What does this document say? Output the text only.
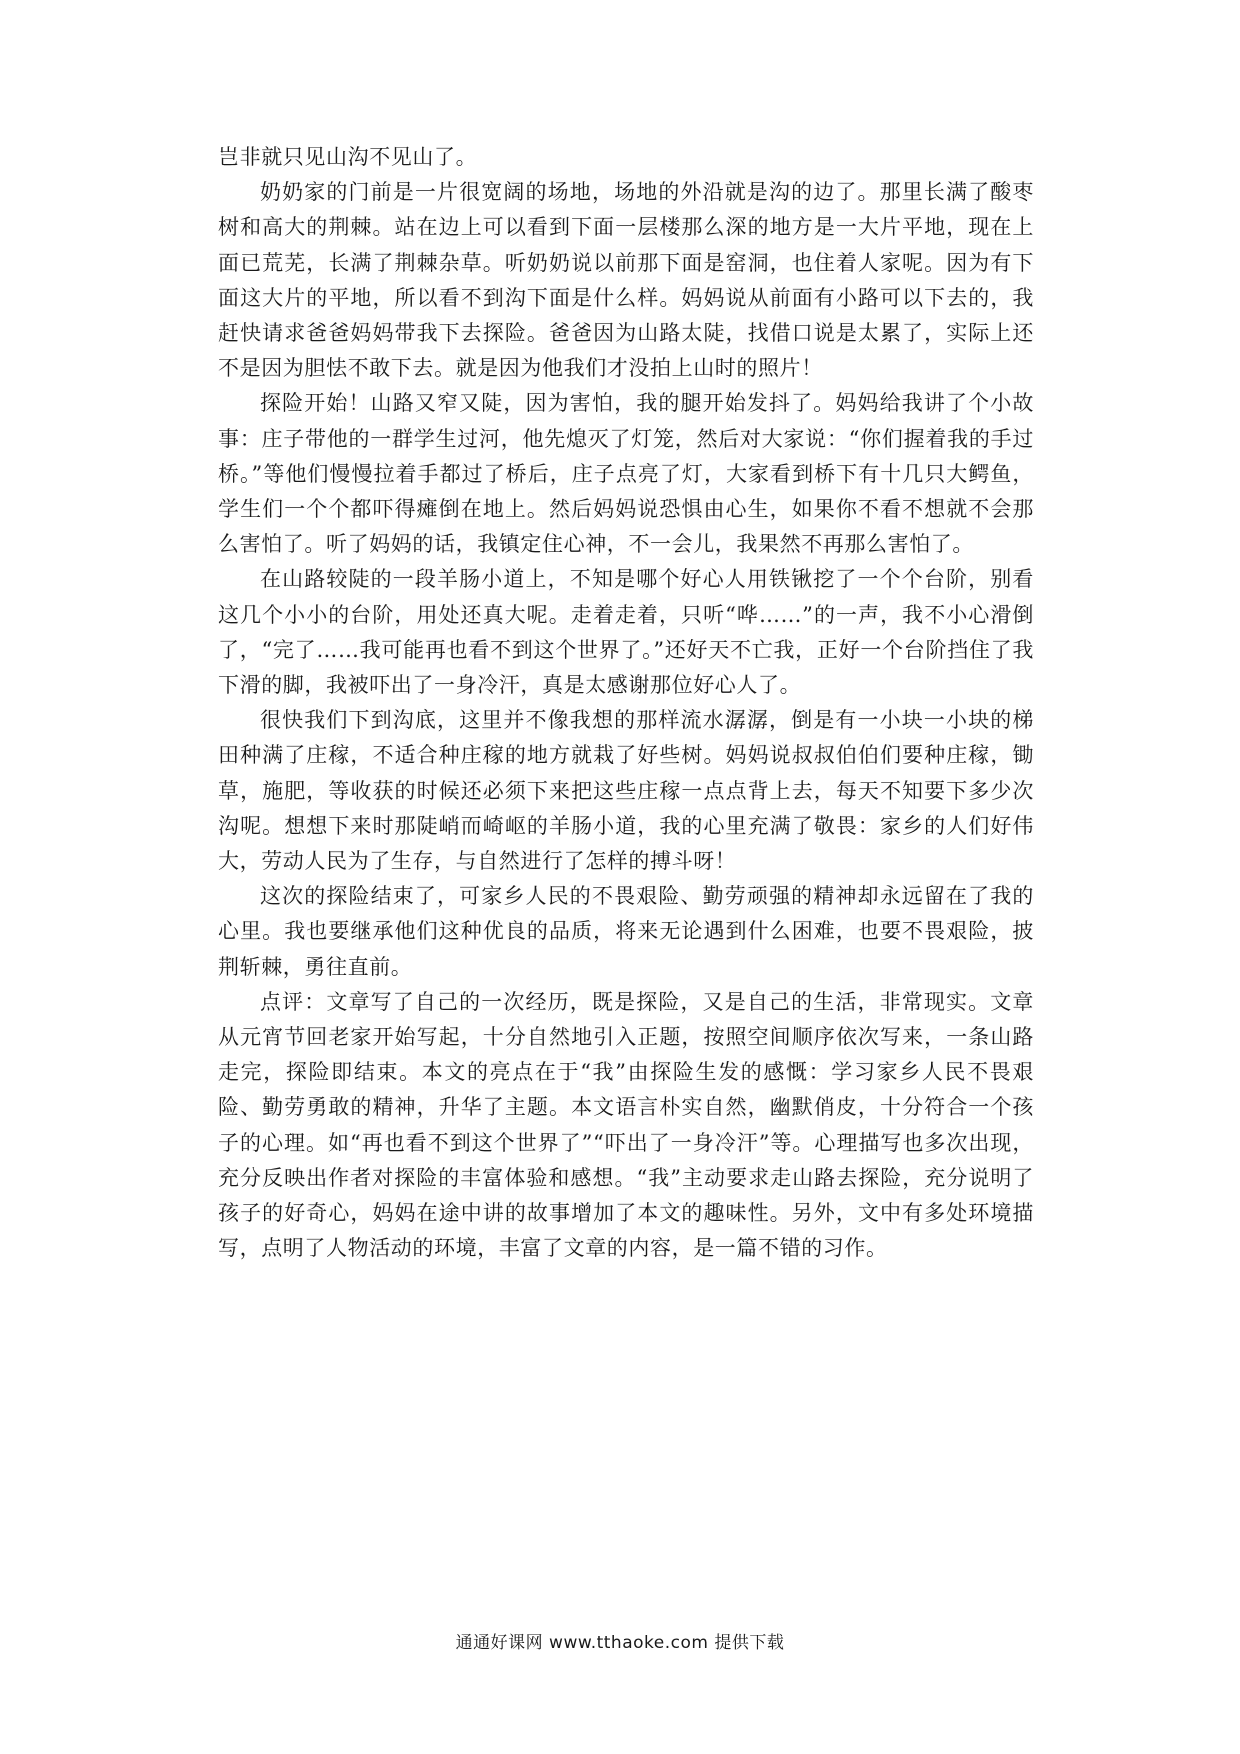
岂非就只见山沟不见山了。

奶奶家的门前是一片很宽阔的场地，场地的外沿就是沟的边了。那里长满了酸枣树和高大的荆棘。站在边上可以看到下面一层楼那么深的地方是一大片平地，现在上面已荒芜，长满了荆棘杂草。听奶奶说以前那下面是窑洞，也住着人家呢。因为有下面这大片的平地，所以看不到沟下面是什么样。妈妈说从前面有小路可以下去的，我赶快请求爸爸妈妈带我下去探险。爸爸因为山路太陡，找借口说是太累了，实际上还不是因为胆怯不敢下去。就是因为他我们才没拍上山时的照片！

探险开始！山路又窄又陡，因为害怕，我的腿开始发抖了。妈妈给我讲了个小故事：庄子带他的一群学生过河，他先熄灭了灯笼，然后对大家说：“你们握着我的手过桥。”等他们慢慢拉着手都过了桥后，庄子点亮了灯，大家看到桥下有十几只大鳄鱼，学生们一个个都吓得瘫倒在地上。然后妈妈说恐惧由心生，如果你不看不想就不会那么害怕了。听了妈妈的话，我镇定住心神，不一会儿，我果然不再那么害怕了。

在山路较陡的一段羊肠小道上，不知是哪个好心人用铁锹挖了一个个台阶，别看这几个小小的台阶，用处还真大呢。走着走着，只听“哗……”的一声，我不小心滑倒了，“完了……我可能再也看不到这个世界了。”还好天不亡我，正好一个台阶挡住了我下滑的脚，我被吓出了一身冷汗，真是太感谢那位好心人了。

很快我们下到沟底，这里并不像我想的那样流水潺潺，倒是有一小块一小块的梯田种满了庄稼，不适合种庄稼的地方就栽了好些树。妈妈说叔叔伯伯们要种庄稼，锄草，施肥，等收获的时候还必须下来把这些庄稼一点点背上去，每天不知要下多少次沟呢。想想下来时那陡峭而崎岖的羊肠小道，我的心里充满了敬畏：家乡的人们好伟大，劳动人民为了生存，与自然进行了怎样的搏斗呀！

这次的探险结束了，可家乡人民的不畏艰险、勤劳顽强的精神却永远留在了我的心里。我也要继承他们这种优良的品质，将来无论遇到什么困难，也要不畏艰险，披荆斩棘，勇往直前。

点评：文章写了自己的一次经历，既是探险，又是自己的生活，非常现实。文章从元宵节回老家开始写起，十分自然地引入正题，按照空间顺序依次写来，一条山路走完，探险即结束。本文的亮点在于“我”由探险生发的感慨：学习家乡人民不畏艰险、勤劳勇敢的精神，升华了主题。本文语言朴实自然，幽默俏皮，十分符合一个孩子的心理。如“再也看不到这个世界了”“吓出了一身冷汗”等。心理描写也多次出现，充分反映出作者对探险的丰富体验和感想。“我”主动要求走山路去探险，充分说明了孩子的好奇心，妈妈在途中讲的故事增加了本文的趣味性。另外，文中有多处环境描写，点明了人物活动的环境，丰富了文章的内容，是一篇不错的习作。

通通好课网 www.tthaoke.com 提供下载
